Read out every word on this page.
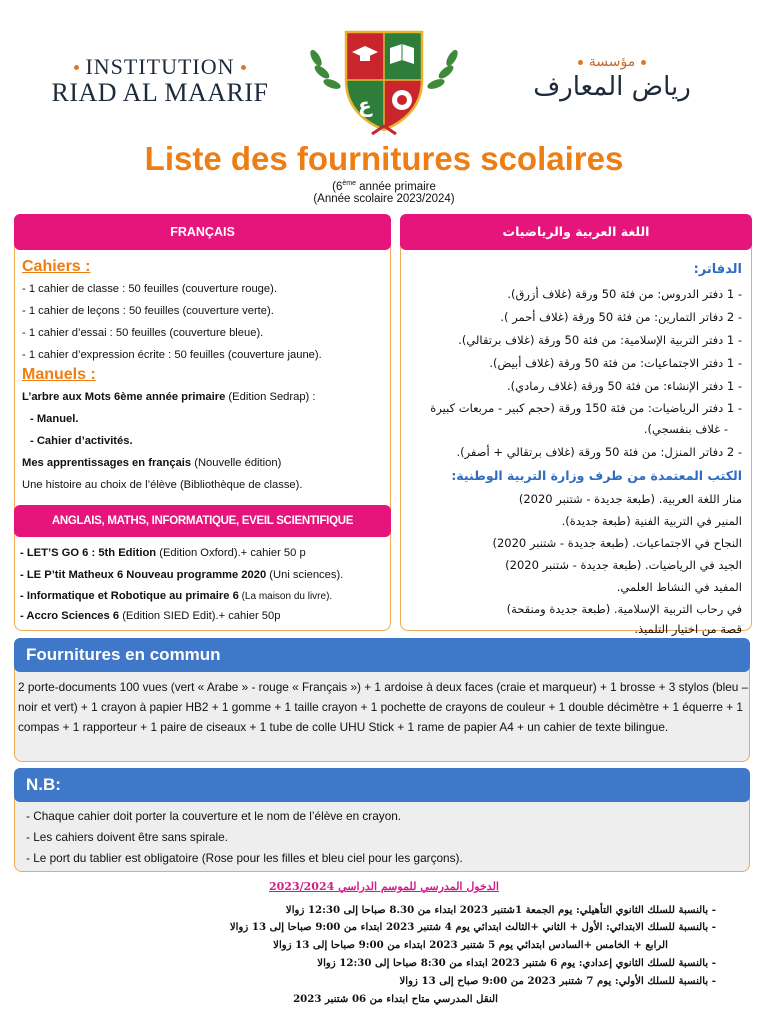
INSTITUTION
RIAD AL MAARIF	ع
مؤسسة
رياض المعارف
Liste des fournitures scolaires
(6ème année primaire
(Année scolaire 2023/2024)
FRANÇAIS
Cahiers :
- 1 cahier de classe : 50 feuilles (couverture rouge).
- 1 cahier de leçons : 50 feuilles (couverture verte).
- 1 cahier d’essai : 50 feuilles (couverture bleue).
- 1 cahier d’expression écrite : 50 feuilles (couverture jaune).
Manuels :
L’arbre aux Mots 6ème année primaire (Edition Sedrap) :
- Manuel.
- Cahier d’activités.
Mes apprentissages en français (Nouvelle édition)
Une histoire au choix de l’élève (Bibliothèque de classe).
ANGLAIS, MATHS, INFORMATIQUE, EVEIL SCIENTIFIQUE
- LET’S GO 6 : 5th Edition (Edition Oxford).+ cahier 50 p
- LE P’tit Matheux 6 Nouveau programme 2020 (Uni sciences).
- Informatique et Robotique au primaire 6 (La maison du livre).
- Accro Sciences 6 (Edition SIED Edit).+ cahier 50p
اللغة العربية والرياضيات
الدفاتر:
- 1 دفتر الدروس: من فئة 50 ورقة (غلاف أزرق).
- 2 دفاتر التمارين: من فئة 50 ورقة (غلاف أحمر ).
- 1 دفتر التربية الإسلامية: من فئة 50 ورقة (غلاف برتقالي).
- 1 دفتر الاجتماعيات: من فئة 50 ورقة (غلاف أبيض).
- 1 دفتر الإنشاء: من فئة 50 ورقة (غلاف رمادي).
- 1 دفتر الرياضيات: من فئة 150 ورقة (حجم كبير - مربعات كبيرة
- غلاف بنفسجي).
- 2 دفاتر المنزل: من فئة 50 ورقة (غلاف برتقالي + أصفر).
الكتب المعتمدة من طرف وزارة التربية الوطنية:
منار اللغة العربية. (طبعة جديدة - شتنبر 2020)
المنير في التربية الفنية (طبعة جديدة).
النجاح في الاجتماعيات. (طبعة جديدة - شتنبر 2020)
الجيد في الرياضيات. (طبعة جديدة - شتنبر 2020)
المفيد في النشاط العلمي.
في رحاب التربية الإسلامية. (طبعة جديدة ومنقحة)
قصة من اختيار التلميذ.
Fournitures en commun
2 porte-documents 100 vues (vert « Arabe » - rouge « Français ») + 1 ardoise à deux faces (craie et marqueur) + 1 brosse + 3 stylos (bleu – noir et vert) + 1 crayon à papier HB2 + 1 gomme + 1 taille crayon + 1 pochette de crayons de couleur + 1 double décimètre + 1 équerre + 1 compas + 1 rapporteur + 1 paire de ciseaux + 1 tube de colle UHU Stick + 1 rame de papier A4 + un cahier de texte bilingue.
N.B:
- Chaque cahier doit porter la couverture et le nom de l’élève en crayon.
- Les cahiers doivent être sans spirale.
- Le port du tablier est obligatoire (Rose pour les filles et bleu ciel pour les garçons).
الدخول المدرسي للموسم الدراسي 2023/2024
- بالنسبة للسلك الثانوي التأهيلي: يوم الجمعة 1شتنبر 2023 ابتداء من 8.30 صباحا إلى 12:30 زوالا
- بالنسبة للسلك الابتدائي: الأول + الثاني +الثالث ابتدائي يوم 4 شتنبر 2023 ابتداء من 9:00 صباحا إلى 13 زوالا
الرابع + الخامس +السادس ابتدائي يوم 5 شتنبر 2023 ابتداء من 9:00 صباحا إلى 13 زوالا
- بالنسبة للسلك الثانوي إعدادي: يوم 6 شتنبر 2023 ابتداء من 8:30 صباحا إلى 12:30 زوالا
- بالنسبة للسلك الأولي: يوم 7 شتنبر 2023 من 9:00 صباح إلى 13 زوالا
النقل المدرسي متاح ابتداء من 06 شتنبر 2023
